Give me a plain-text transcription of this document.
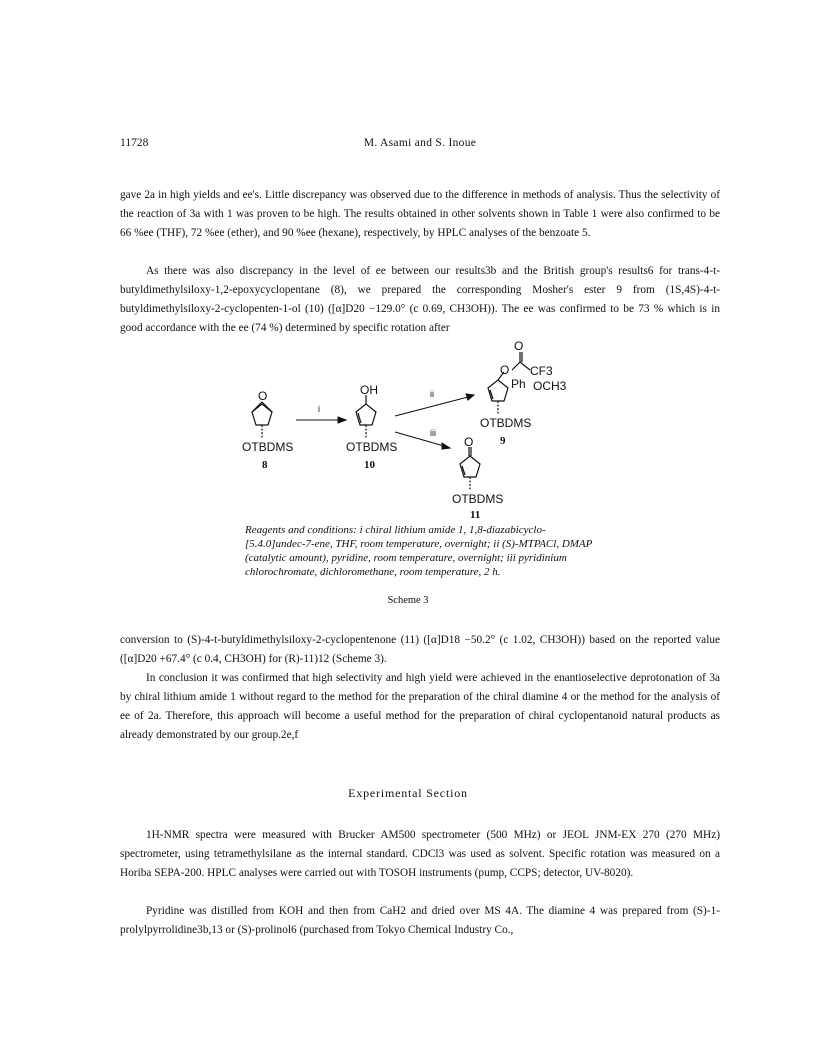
11728	M. Asami and S. Inoue

gave 2a in high yields and ee's. Little discrepancy was observed due to the difference in methods of analysis. Thus the selectivity of the reaction of 3a with 1 was proven to be high. The results obtained in other solvents shown in Table 1 were also confirmed to be 66 %ee (THF), 72 %ee (ether), and 90 %ee (hexane), respectively, by HPLC analyses of the benzoate 5.

As there was also discrepancy in the level of ee between our results3b and the British group's results6 for trans-4-t-butyldimethylsiloxy-1,2-epoxycyclopentane (8), we prepared the corresponding Mosher's ester 9 from (1S,4S)-4-t-butyldimethylsiloxy-2-cyclopenten-1-ol (10) ([α]D20 −129.0° (c 0.69, CH3OH)). The ee was confirmed to be 73 % which is in good accordance with the ee (74 %) determined by specific rotation after

O
OTBDMS
8
i
OH
OTBDMS
10
ii
iii
O
O CF3
Ph OCH3
OTBDMS
9
O
OTBDMS
11
Reagents and conditions: i chiral lithium amide 1, 1,8-diazabicyclo-[5.4.0]undec-7-ene, THF, room temperature, overnight; ii (S)-MTPACl, DMAP (catalytic amount), pyridine, room temperature, overnight; iii pyridinium chlorochromate, dichloromethane, room temperature, 2 h.
Scheme 3

conversion to (S)-4-t-butyldimethylsiloxy-2-cyclopentenone (11) ([α]D18 −50.2° (c 1.02, CH3OH)) based on the reported value ([α]D20 +67.4° (c 0.4, CH3OH) for (R)-11)12 (Scheme 3).

In conclusion it was confirmed that high selectivity and high yield were achieved in the enantioselective deprotonation of 3a by chiral lithium amide 1 without regard to the method for the preparation of the chiral diamine 4 or the method for the analysis of ee of 2a. Therefore, this approach will become a useful method for the preparation of chiral cyclopentanoid natural products as already demonstrated by our group.2e,f

Experimental Section

1H-NMR spectra were measured with Brucker AM500 spectrometer (500 MHz) or JEOL JNM-EX 270 (270 MHz) spectrometer, using tetramethylsilane as the internal standard. CDCl3 was used as solvent. Specific rotation was measured on a Horiba SEPA-200. HPLC analyses were carried out with TOSOH instruments (pump, CCPS; detector, UV-8020).

Pyridine was distilled from KOH and then from CaH2 and dried over MS 4A. The diamine 4 was prepared from (S)-1-prolylpyrrolidine3b,13 or (S)-prolinol6 (purchased from Tokyo Chemical Industry Co.,
